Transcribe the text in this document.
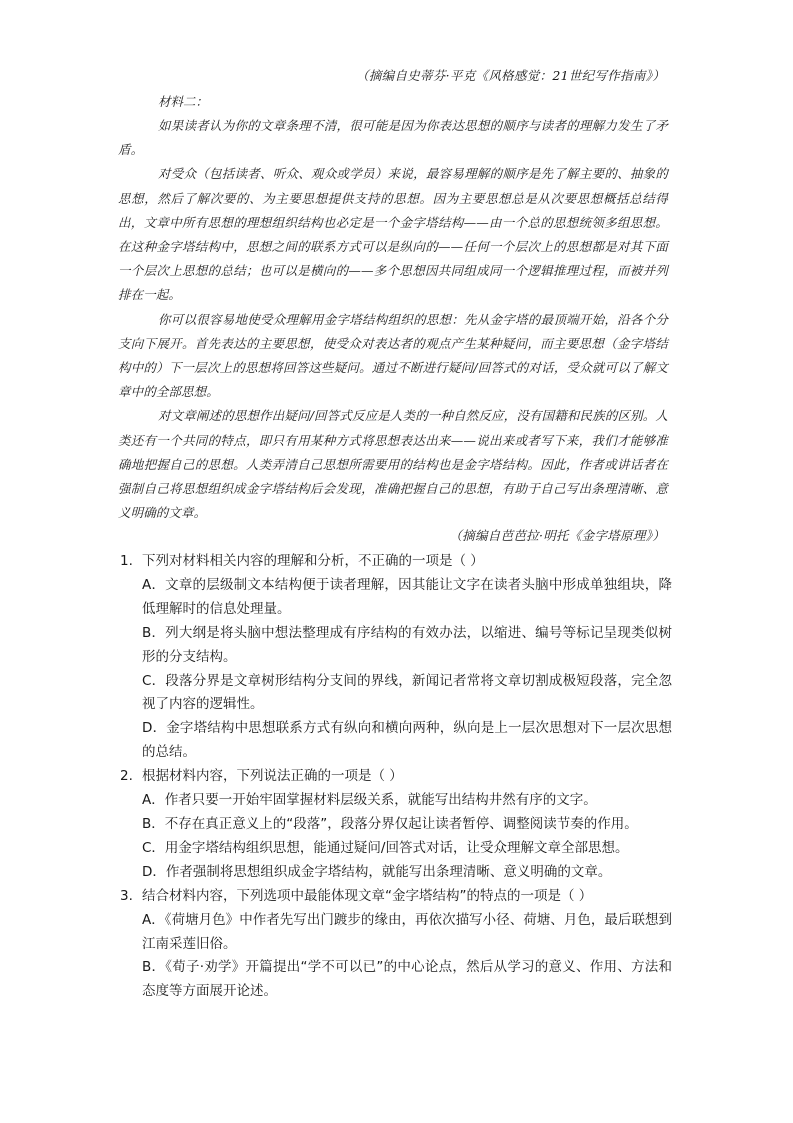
（摘编自史蒂芬·平克《风格感觉：21世纪写作指南》）
材料二：

如果读者认为你的文章条理不清，很可能是因为你表达思想的顺序与读者的理解力发生了矛盾。

对受众（包括读者、听众、观众或学员）来说，最容易理解的顺序是先了解主要的、抽象的思想，然后了解次要的、为主要思想提供支持的思想。因为主要思想总是从次要思想概括总结得出，文章中所有思想的理想组织结构也必定是一个金字塔结构——由一个总的思想统领多组思想。在这种金字塔结构中，思想之间的联系方式可以是纵向的——任何一个层次上的思想都是对其下面一个层次上思想的总结；也可以是横向的——多个思想因共同组成同一个逻辑推理过程，而被并列排在一起。

你可以很容易地使受众理解用金字塔结构组织的思想：先从金字塔的最顶端开始，沿各个分支向下展开。首先表达的主要思想，使受众对表达者的观点产生某种疑问，而主要思想（金字塔结构中的）下一层次上的思想将回答这些疑问。通过不断进行疑问/回答式的对话，受众就可以了解文章中的全部思想。

对文章阐述的思想作出疑问/回答式反应是人类的一种自然反应，没有国籍和民族的区别。人类还有一个共同的特点，即只有用某种方式将思想表达出来——说出来或者写下来，我们才能够准确地把握自己的思想。人类弄清自己思想所需要用的结构也是金字塔结构。因此，作者或讲话者在强制自己将思想组织成金字塔结构后会发现，准确把握自己的思想，有助于自己写出条理清晰、意义明确的文章。

（摘编自芭芭拉·明托《金字塔原理》）

1. 下列对材料相关内容的理解和分析，不正确的一项是（ ）

A．文章的层级制文本结构便于读者理解，因其能让文字在读者头脑中形成单独组块，降低理解时的信息处理量。

B．列大纲是将头脑中想法整理成有序结构的有效办法，以缩进、编号等标记呈现类似树形的分支结构。

C．段落分界是文章树形结构分支间的界线，新闻记者常将文章切割成极短段落，完全忽视了内容的逻辑性。

D．金字塔结构中思想联系方式有纵向和横向两种，纵向是上一层次思想对下一层次思想的总结。

2. 根据材料内容，下列说法正确的一项是（ ）

A．作者只要一开始牢固掌握材料层级关系，就能写出结构井然有序的文字。

B．不存在真正意义上的“段落”，段落分界仅起让读者暂停、调整阅读节奏的作用。

C．用金字塔结构组织思想，能通过疑问/回答式对话，让受众理解文章全部思想。

D．作者强制将思想组织成金字塔结构，就能写出条理清晰、意义明确的文章。

3. 结合材料内容，下列选项中最能体现文章“金字塔结构”的特点的一项是（ ）

A．《荷塘月色》中作者先写出门踱步的缘由，再依次描写小径、荷塘、月色，最后联想到江南采莲旧俗。

B．《荀子·劝学》开篇提出“学不可以已”的中心论点，然后从学习的意义、作用、方法和态度等方面展开论述。
